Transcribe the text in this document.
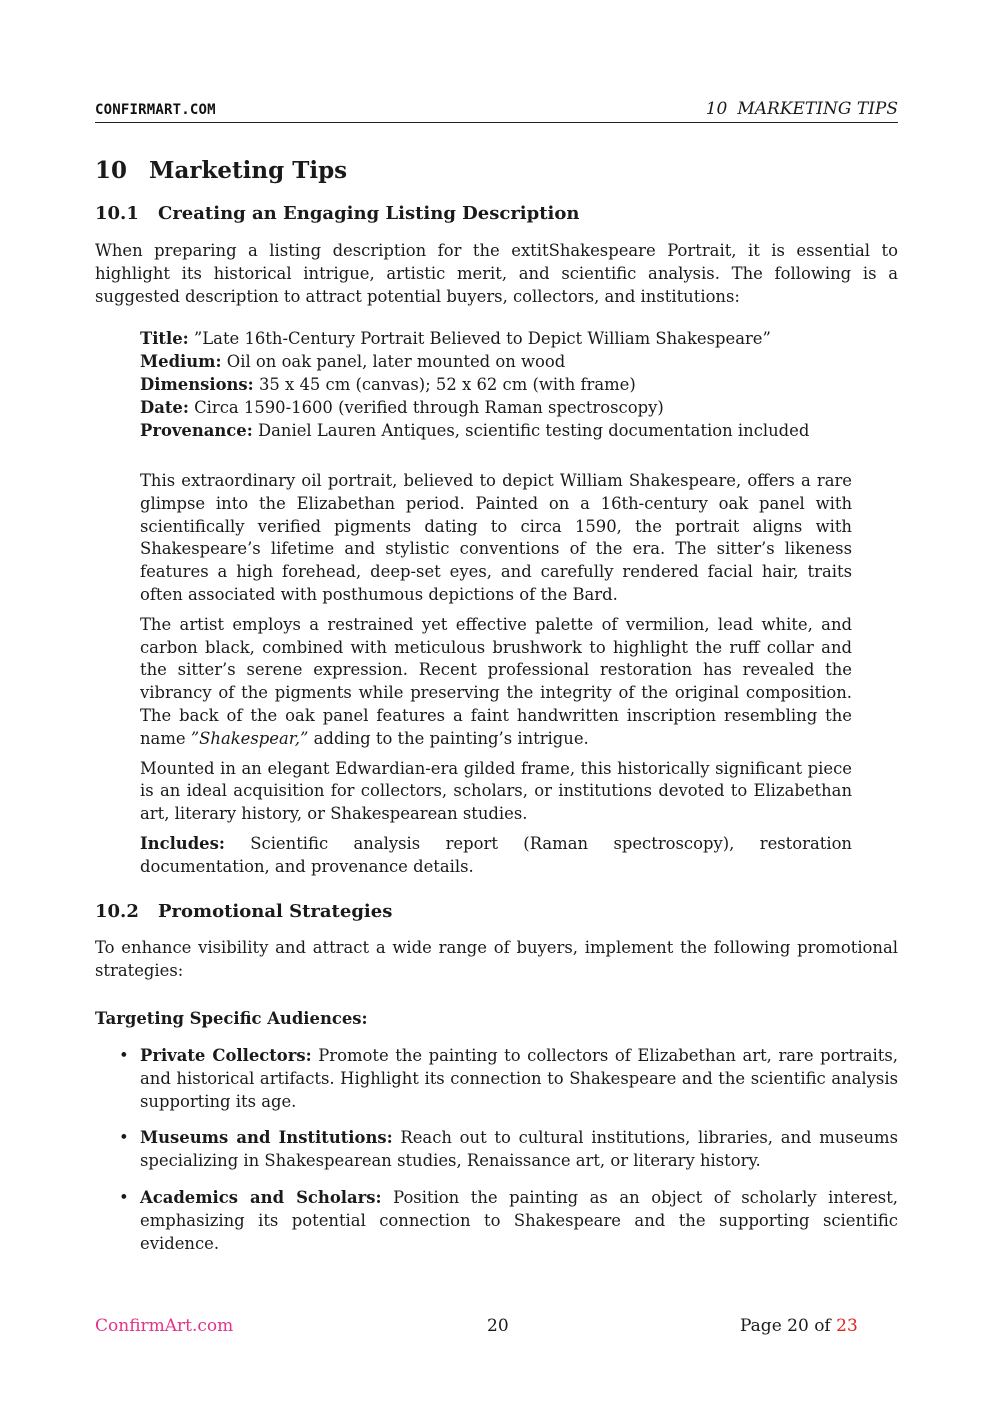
CONFIRMART.COM	10 MARKETING TIPS
10 Marketing Tips
10.1 Creating an Engaging Listing Description

When preparing a listing description for the extitShakespeare Portrait, it is essential to highlight its historical intrigue, artistic merit, and scientific analysis. The following is a suggested description to attract potential buyers, collectors, and institutions:

Title: ”Late 16th-Century Portrait Believed to Depict William Shakespeare”
Medium: Oil on oak panel, later mounted on wood
Dimensions: 35 x 45 cm (canvas); 52 x 62 cm (with frame)
Date: Circa 1590-1600 (verified through Raman spectroscopy)
Provenance: Daniel Lauren Antiques, scientific testing documentation included

This extraordinary oil portrait, believed to depict William Shakespeare, offers a rare glimpse into the Elizabethan period. Painted on a 16th-century oak panel with scientifically verified pigments dating to circa 1590, the portrait aligns with Shakespeare’s lifetime and stylistic conventions of the era. The sitter’s likeness features a high forehead, deep-set eyes, and carefully rendered facial hair, traits often associated with posthumous depictions of the Bard.

The artist employs a restrained yet effective palette of vermilion, lead white, and carbon black, combined with meticulous brushwork to highlight the ruff collar and the sitter’s serene expression. Recent professional restoration has revealed the vibrancy of the pigments while preserving the integrity of the original composition. The back of the oak panel features a faint handwritten inscription resembling the name ”Shakespear,” adding to the painting’s intrigue.

Mounted in an elegant Edwardian-era gilded frame, this historically significant piece is an ideal acquisition for collectors, scholars, or institutions devoted to Elizabethan art, literary history, or Shakespearean studies.

Includes: Scientific analysis report (Raman spectroscopy), restoration documentation, and provenance details.

10.2 Promotional Strategies

To enhance visibility and attract a wide range of buyers, implement the following promotional strategies:

Targeting Specific Audiences:
• Private Collectors: Promote the painting to collectors of Elizabethan art, rare portraits, and historical artifacts. Highlight its connection to Shakespeare and the scientific analysis supporting its age.
• Museums and Institutions: Reach out to cultural institutions, libraries, and museums specializing in Shakespearean studies, Renaissance art, or literary history.
• Academics and Scholars: Position the painting as an object of scholarly interest, emphasizing its potential connection to Shakespeare and the supporting scientific evidence.
ConfirmArt.com	20	Page 20 of 23
